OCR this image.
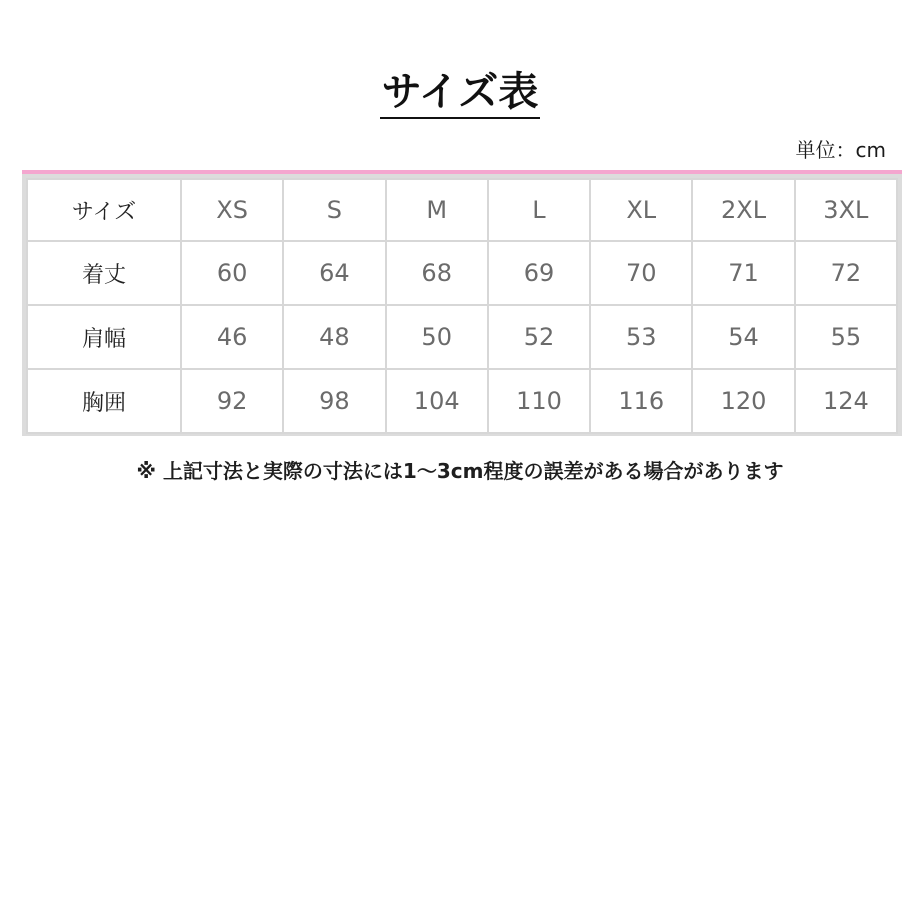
サイズ表
単位：cm
サイズ	XS	S	M	L	XL	2XL	3XL
着丈	60	64	68	69	70	71	72
肩幅	46	48	50	52	53	54	55
胸囲	92	98	104	110	116	120	124
※ 上記寸法と実際の寸法には1〜3cm程度の誤差がある場合があります
